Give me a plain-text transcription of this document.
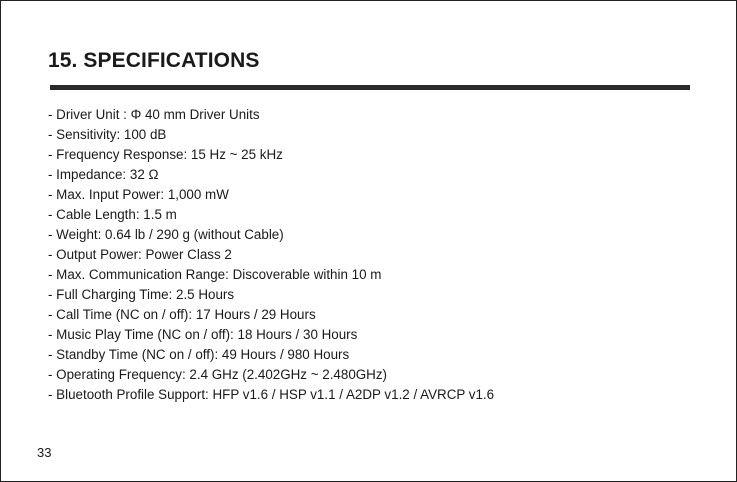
15. SPECIFICATIONS
- Driver Unit : Φ 40 mm Driver Units
- Sensitivity: 100 dB
- Frequency Response: 15 Hz ~ 25 kHz
- Impedance: 32 Ω
- Max. Input Power: 1,000 mW
- Cable Length: 1.5 m
- Weight: 0.64 lb / 290 g (without Cable)
- Output Power: Power Class 2
- Max. Communication Range: Discoverable within 10 m
- Full Charging Time: 2.5 Hours
- Call Time (NC on / off): 17 Hours / 29 Hours
- Music Play Time (NC on / off): 18 Hours / 30 Hours
- Standby Time (NC on / off): 49 Hours / 980 Hours
- Operating Frequency: 2.4 GHz (2.402GHz ~ 2.480GHz)
- Bluetooth Profile Support: HFP v1.6 / HSP v1.1 / A2DP v1.2 / AVRCP v1.6
33
